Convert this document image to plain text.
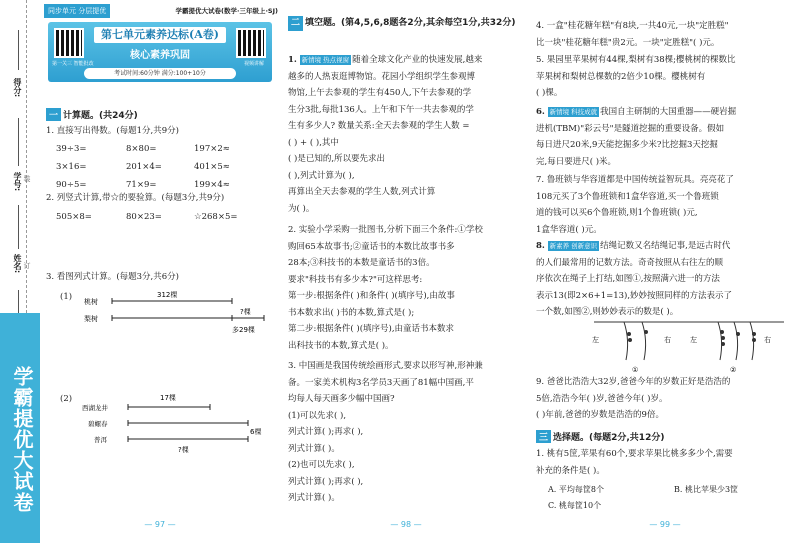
得分:
学号:
姓名:
装
订
学霸提优大试卷
同步单元 分层提优	学霸提优大试卷(数学·三年级上·SJ)
第一关三 智能批改
第七单元素养达标(A卷)
核心素养巩固
考试时间:60分钟 满分:100+10分
视频讲解
一 计算题。(共24分)
1. 直接写出得数。(每题1分,共9分)
39÷3=	8×80=	197×2≈
3×16=	201×4=	401×5≈
90÷5=	71×9=	199×4≈
2. 列竖式计算,带☆的要验算。(每题3分,共9分)
505×8=	80×23=	☆268×5=
3. 看图列式计算。(每题3分,共6分)
(1) 桃树
梨树
312棵
?棵
多29棵
(2)
西湖龙井
碧螺春
普洱
17棵
6棵
?棵
— 97 —
二 填空题。(第4,5,6,8题各2分,其余每空1分,共32分)
1. 新情境 热点视窗 随着全球文化产业的快速发展,越来
越多的人热衷逛博物馆。花园小学组织学生参观博
物馆,上午去参观的学生有450人,下午去参观的学
生分3批,每批136人。上午和下午一共去参观的学
生有多少人? 数量关系:全天去参观的学生人数 =
( ) + ( ),其中
( )是已知的,所以要先求出
( ),列式计算为( ),
再算出全天去参观的学生人数,列式计算
为( )。
2. 实验小学采购一批图书,分析下面三个条件:①学校
购回65本故事书;②童话书的本数比故事书多
28本;③科技书的本数是童话书的3倍。
要求"科技书有多少本?"可这样思考:
第一步:根据条件( )和条件( )(填序号),由故事
书本数求出( )书的本数,算式是( );
第二步:根据条件( )(填序号),由童话书本数求
出科技书的本数,算式是( )。
3. 中国画是我国传统绘画形式,要求以形写神,形神兼
备。一家美术机构3名学员3天画了81幅中国画,平
均每人每天画多少幅中国画?
(1)可以先求( ),
列式计算( );再求( ),
列式计算( )。
(2)也可以先求( ),
列式计算( );再求( ),
列式计算( )。
— 98 —
4. 一盒"桂花糖年糕"有8块,一共40元,一块"定胜糕"
比一块"桂花糖年糕"贵2元。一块"定胜糕"( )元。
5. 果园里苹果树有44棵,梨树有38棵;樱桃树的棵数比
苹果树和梨树总棵数的2倍少10棵。樱桃树有
( )棵。
6. 新情境 科技成就 我国自主研制的大国重器——硬岩掘
进机(TBM)"彩云号"是隧道挖掘的重要设备。假如
每日进尺20米,9天能挖掘多少米?比挖掘3天挖掘
完,每日要进尺( )米。
7. 鲁班锁与华容道都是中国传统益智玩具。亮亮花了
108元买了3个鲁班锁和1盒华容道,买一个鲁班锁
道的钱可以买6个鲁班锁,则1个鲁班锁( )元,
1盒华容道( )元。
8. 新素养 创新意识 结绳记数又名结绳记事,是远古时代
的人们最常用的记数方法。奇奇按照从右往左的顺
序依次在绳子上打结,如图①,按照满六进一的方法
表示13(即2×6+1=13),妙妙按照同样的方法表示了
一个数,如图②,则妙妙表示的数是( )。
左	右
①
左	右
②
9. 爸爸比浩浩大32岁,爸爸今年的岁数正好是浩浩的
5倍,浩浩今年( )岁,爸爸今年( )岁。
( )年前,爸爸的岁数是浩浩的9倍。
三 选择题。(每题2分,共12分)
1. 桃有5筐,苹果有60个,要求苹果比桃多多少个,需要
补充的条件是( )。
A. 平均每筐8个	B. 桃比苹果少3筐
C. 桃每筐10个
— 99 —
